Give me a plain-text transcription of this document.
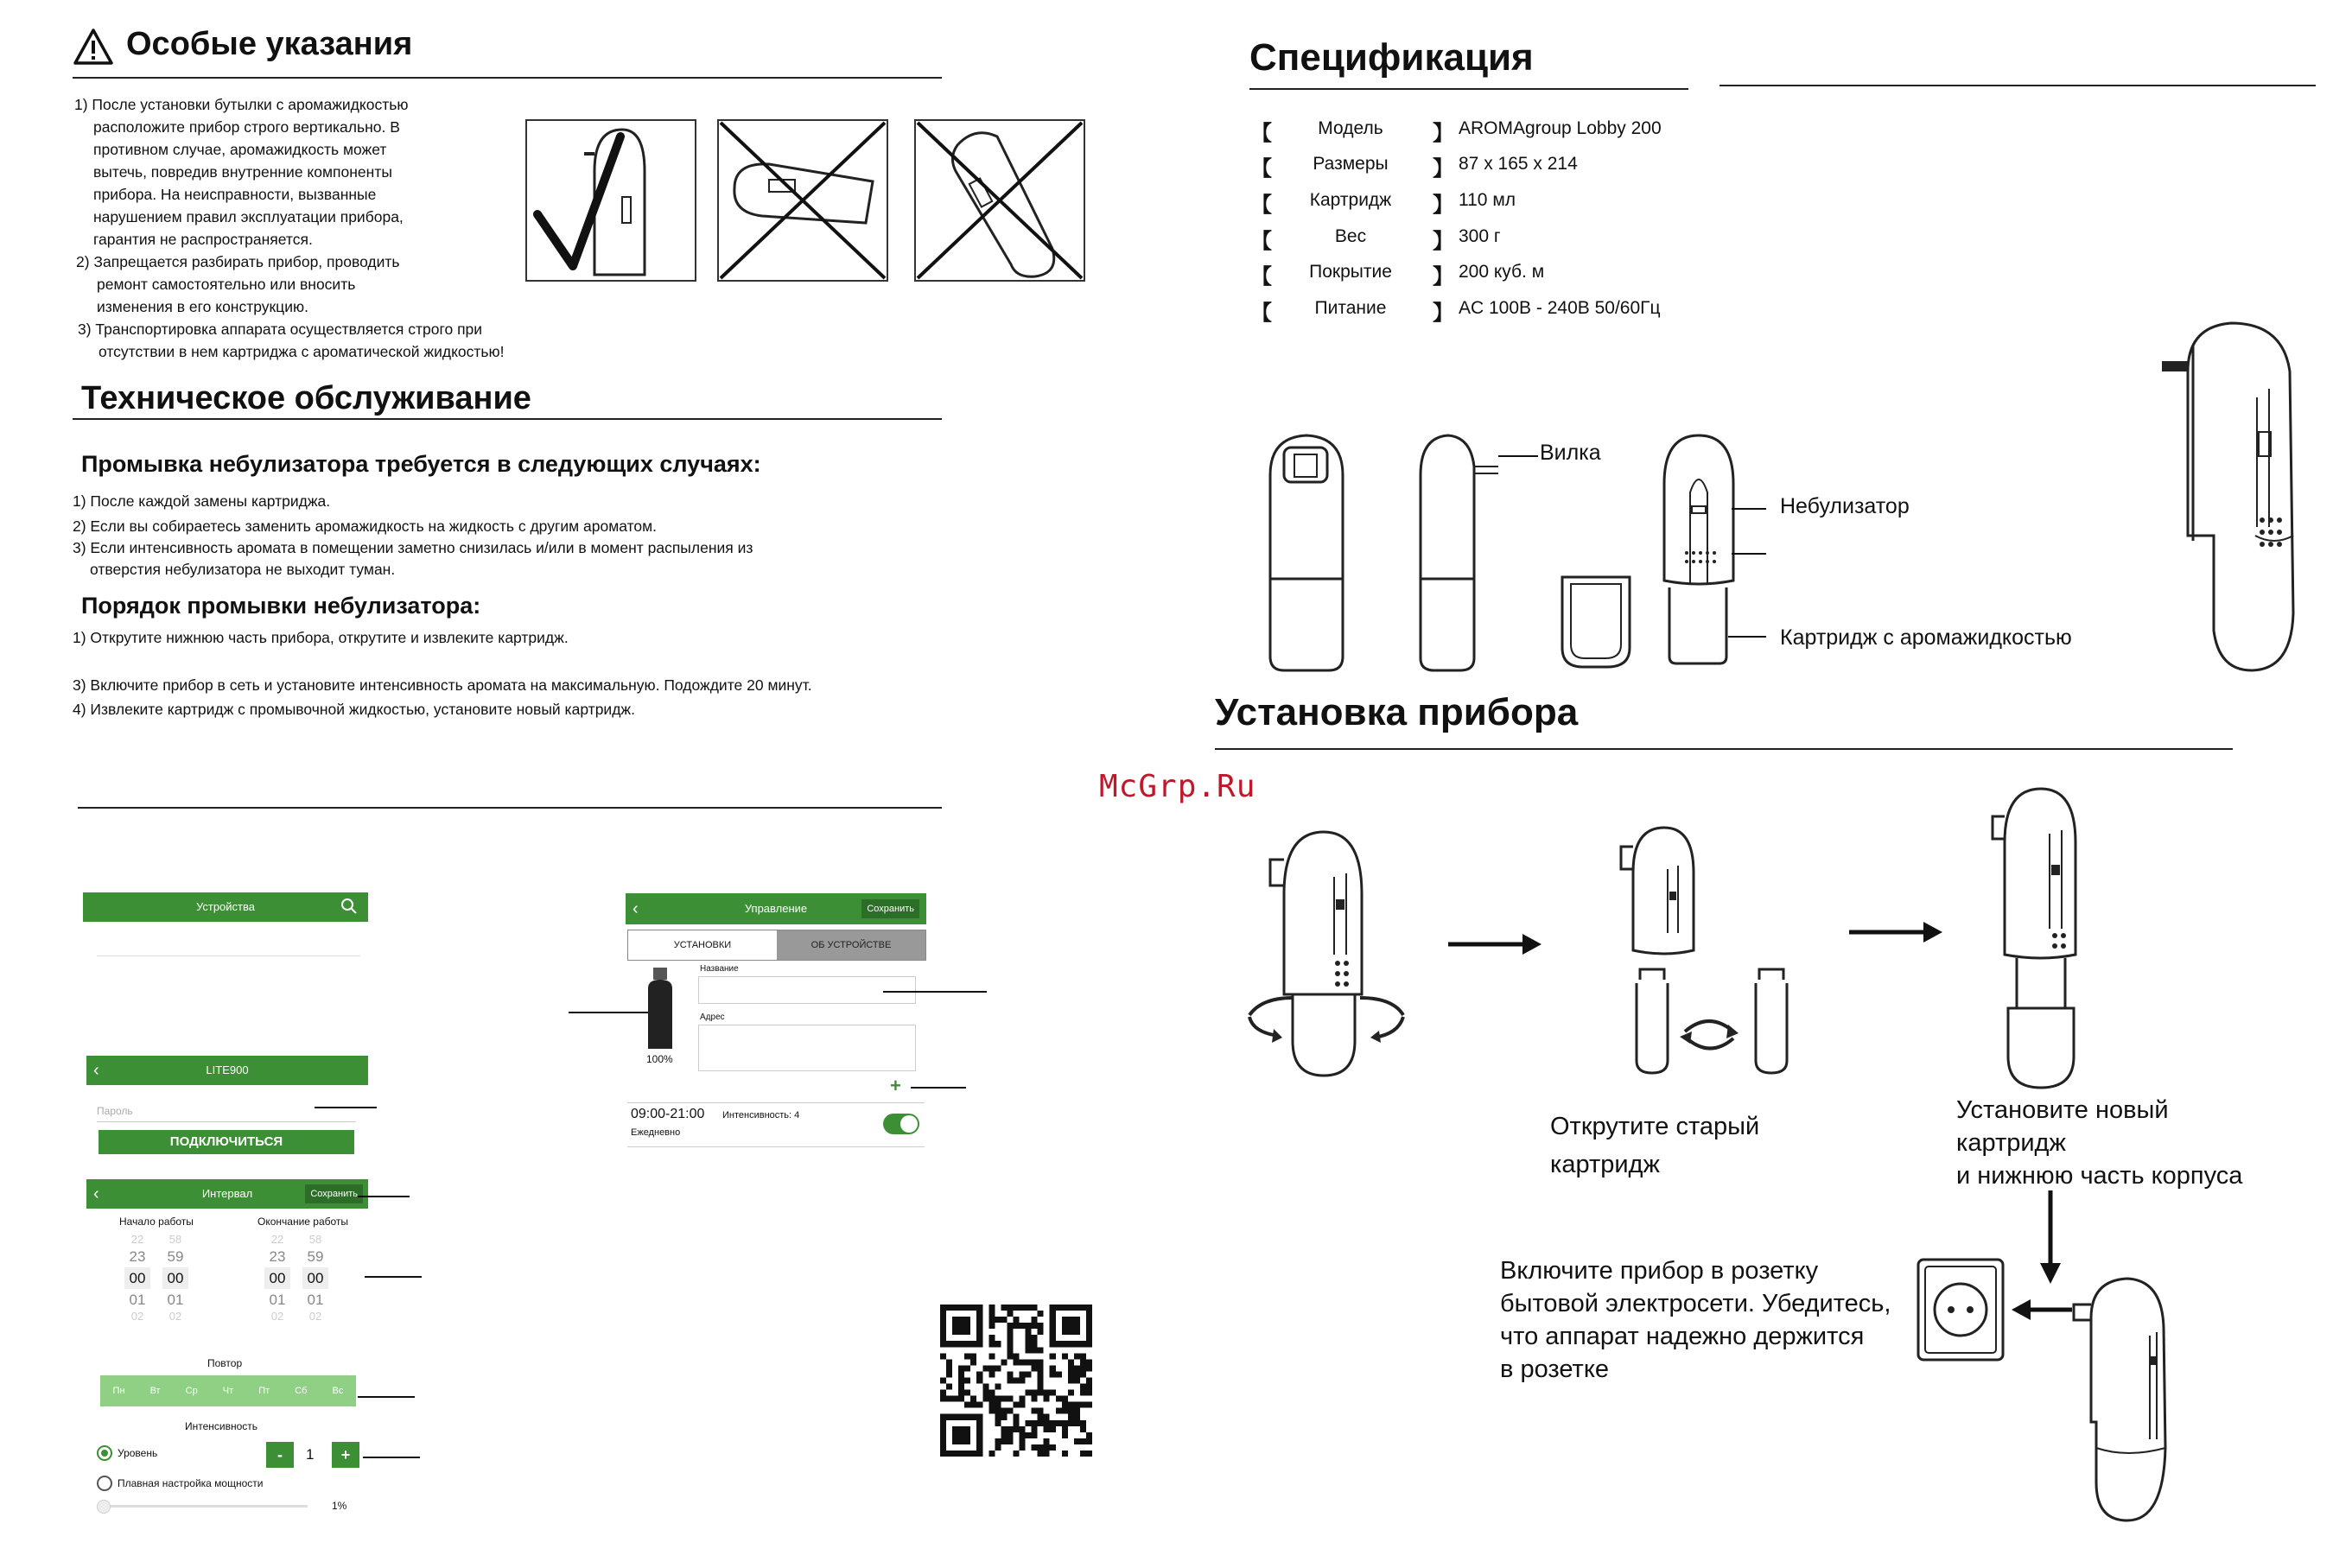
Особые указания
1) После установки бутылки с аромажидкостью
расположите прибор строго вертикально. В
противном случае, аромажидкость может
вытечь, повредив внутренние компоненты
прибора. На неисправности, вызванные
нарушением правил эксплуатации прибора,
гарантия не распространяется.
2) Запрещается разбирать прибор, проводить
ремонт самостоятельно или вносить
изменения в его конструкцию.
3) Транспортировка аппарата осуществляется строго при
отсутствии в нем картриджа с ароматической жидкостью!
Техническое обслуживание
Промывка небулизатора требуется в следующих случаях:
1) После каждой замены картриджа.
2) Если вы собираетесь заменить аромажидкость на жидкость с другим ароматом.
3) Если интенсивность аромата в помещении заметно снизилась и/или в момент распыления из
отверстия небулизатора не выходит туман.
Порядок промывки небулизатора:
1) Открутите нижнюю часть прибора, открутите и извлеките картридж.
3) Включите прибор в сеть и установите интенсивность аромата на максимальную. Подождите 20 минут.
4) Извлеките картридж с промывочной жидкостью, установите новый картридж.
Устройства
‹	LITE900
Пароль
ПОДКЛЮЧИТЬСЯ
‹	Интервал	Сохранить
Начало работы	Окончание работы
22
23
00
01
02
58
59
00
01
02
22
23
00
01
02
58
59
00
01
02
Повтор
Пн	Вт	Ср	Чт	Пт	Сб	Вс
Интенсивность
Уровень	-	1	+
Плавная настройка мощности
1%
‹	Управление	Сохранить
УСТАНОВКИ	ОБ УСТРОЙСТВЕ
100%
Название
Адрес
+
09:00-21:00 Интенсивность: 4
Ежедневно
Спецификация
【	Модель	】 AROMAgroup Lobby 200
【	Размеры	】 87 x 165 x 214
【	Картридж	】 110 мл
【	Вес	】 300 г
【	Покрытие	】 200 куб. м
【	Питание	】 AC 100В - 240В 50/60Гц
Вилка
Небулизатор
Картридж с аромажидкостью
Установка прибора
McGrp.Ru
Открутите старый
картридж
Установите новый
картридж
и нижнюю часть корпуса
Включите прибор в розетку
бытовой электросети. Убедитесь,
что аппарат надежно держится
в розетке
